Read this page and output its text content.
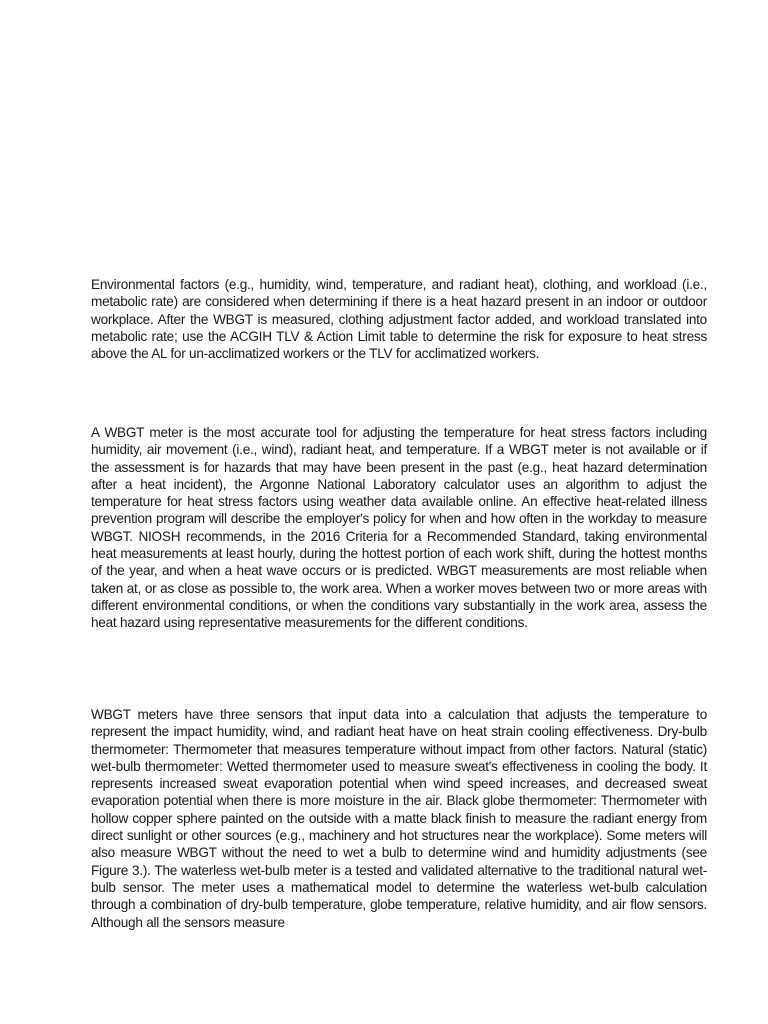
Environmental factors (e.g., humidity, wind, temperature, and radiant heat), clothing, and workload (i.e., metabolic rate) are considered when determining if there is a heat hazard present in an indoor or outdoor workplace. After the WBGT is measured, clothing adjustment factor added, and workload translated into metabolic rate; use the ACGIH TLV & Action Limit table to determine the risk for exposure to heat stress above the AL for un-acclimatized workers or the TLV for acclimatized workers.

A WBGT meter is the most accurate tool for adjusting the temperature for heat stress factors including humidity, air movement (i.e., wind), radiant heat, and temperature. If a WBGT meter is not available or if the assessment is for hazards that may have been present in the past (e.g., heat hazard determination after a heat incident), the Argonne National Laboratory calculator uses an algorithm to adjust the temperature for heat stress factors using weather data available online. An effective heat-related illness prevention program will describe the employer's policy for when and how often in the workday to measure WBGT. NIOSH recommends, in the 2016 Criteria for a Recommended Standard, taking environmental heat measurements at least hourly, during the hottest portion of each work shift, during the hottest months of the year, and when a heat wave occurs or is predicted. WBGT measurements are most reliable when taken at, or as close as possible to, the work area. When a worker moves between two or more areas with different environmental conditions, or when the conditions vary substantially in the work area, assess the heat hazard using representative measurements for the different conditions.

WBGT meters have three sensors that input data into a calculation that adjusts the temperature to represent the impact humidity, wind, and radiant heat have on heat strain cooling effectiveness. Dry-bulb thermometer: Thermometer that measures temperature without impact from other factors. Natural (static) wet-bulb thermometer: Wetted thermometer used to measure sweat's effectiveness in cooling the body. It represents increased sweat evaporation potential when wind speed increases, and decreased sweat evaporation potential when there is more moisture in the air. Black globe thermometer: Thermometer with hollow copper sphere painted on the outside with a matte black finish to measure the radiant energy from direct sunlight or other sources (e.g., machinery and hot structures near the workplace). Some meters will also measure WBGT without the need to wet a bulb to determine wind and humidity adjustments (see Figure 3.). The waterless wet-bulb meter is a tested and validated alternative to the traditional natural wet-bulb sensor. The meter uses a mathematical model to determine the waterless wet-bulb calculation through a combination of dry-bulb temperature, globe temperature, relative humidity, and air flow sensors. Although all the sensors measure
